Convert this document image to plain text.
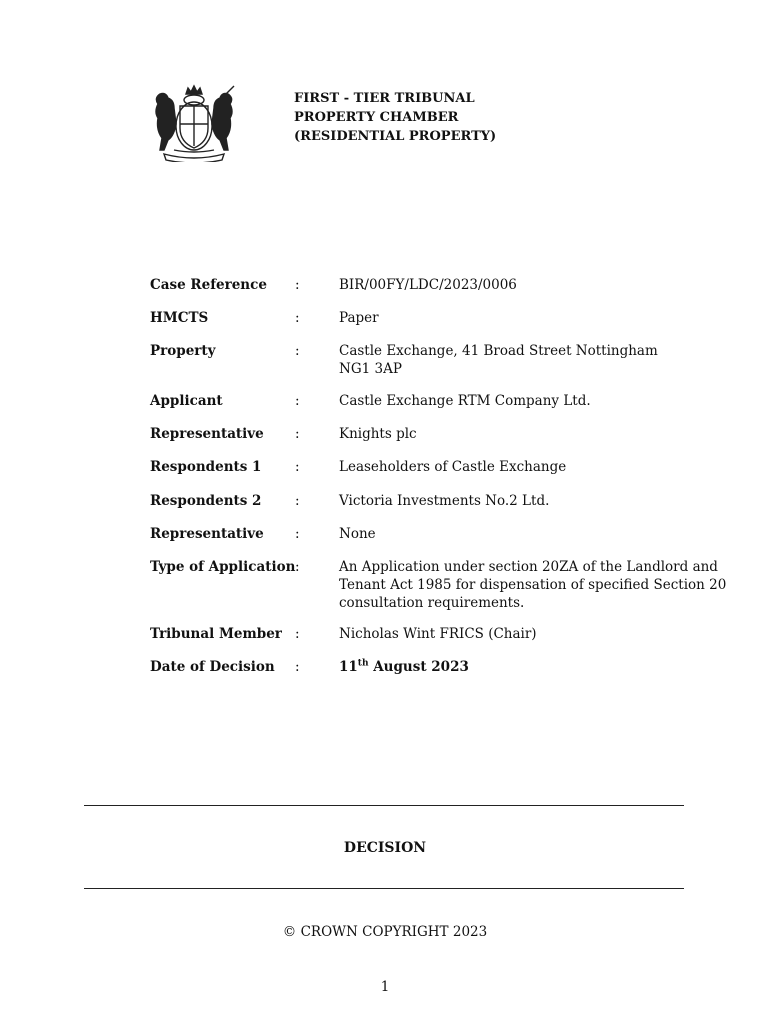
FIRST - TIER TRIBUNAL
PROPERTY CHAMBER
(RESIDENTIAL PROPERTY)
Case Reference :	BIR/00FY/LDC/2023/0006
HMCTS	:	Paper
Property	:	Castle Exchange, 41 Broad Street Nottingham
NG1 3AP
Applicant	:	Castle Exchange RTM Company Ltd.
Representative :	Knights plc
Respondents 1 :	Leaseholders of Castle Exchange
Respondents 2 :	Victoria Investments No.2 Ltd.
Representative :	None
Type of Application :	An Application under section 20ZA of the Landlord and
Tenant Act 1985 for dispensation of specified Section 20
consultation requirements.
Tribunal Member :	Nicholas Wint FRICS (Chair)
Date of Decision :	11th August 2023
DECISION
© CROWN COPYRIGHT 2023
1
